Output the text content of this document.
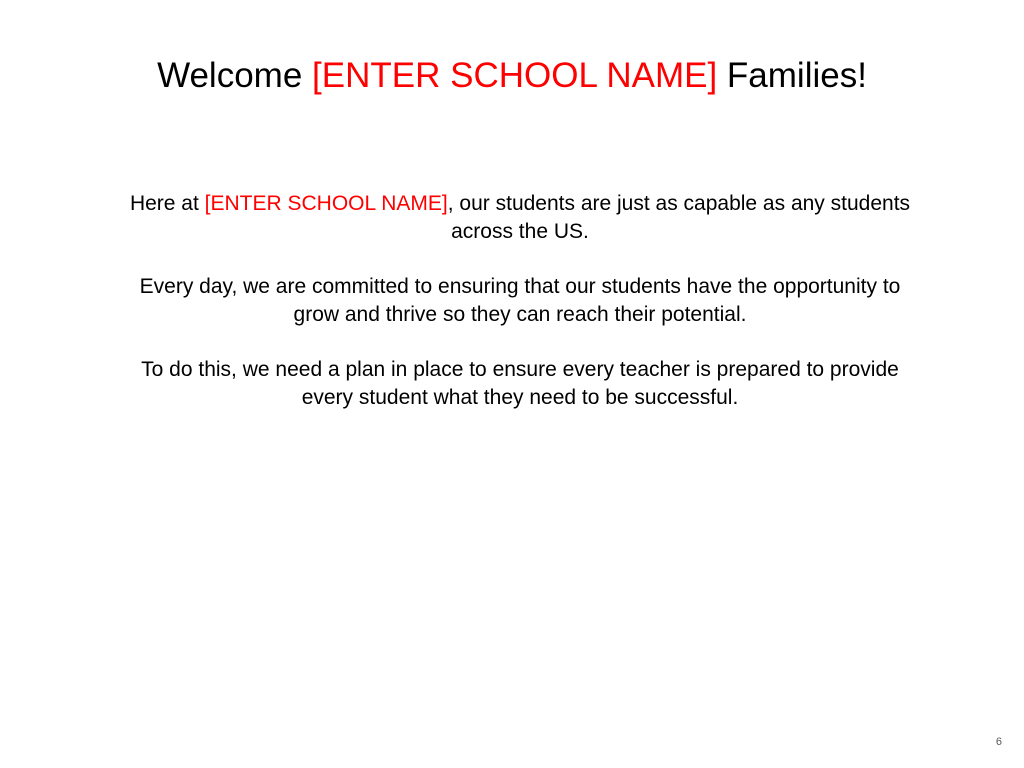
Welcome [ENTER SCHOOL NAME] Families!

Here at [ENTER SCHOOL NAME], our students are just as capable as any students across the US.

Every day, we are committed to ensuring that our students have the opportunity to grow and thrive so they can reach their potential.

To do this, we need a plan in place to ensure every teacher is prepared to provide every student what they need to be successful.

6
